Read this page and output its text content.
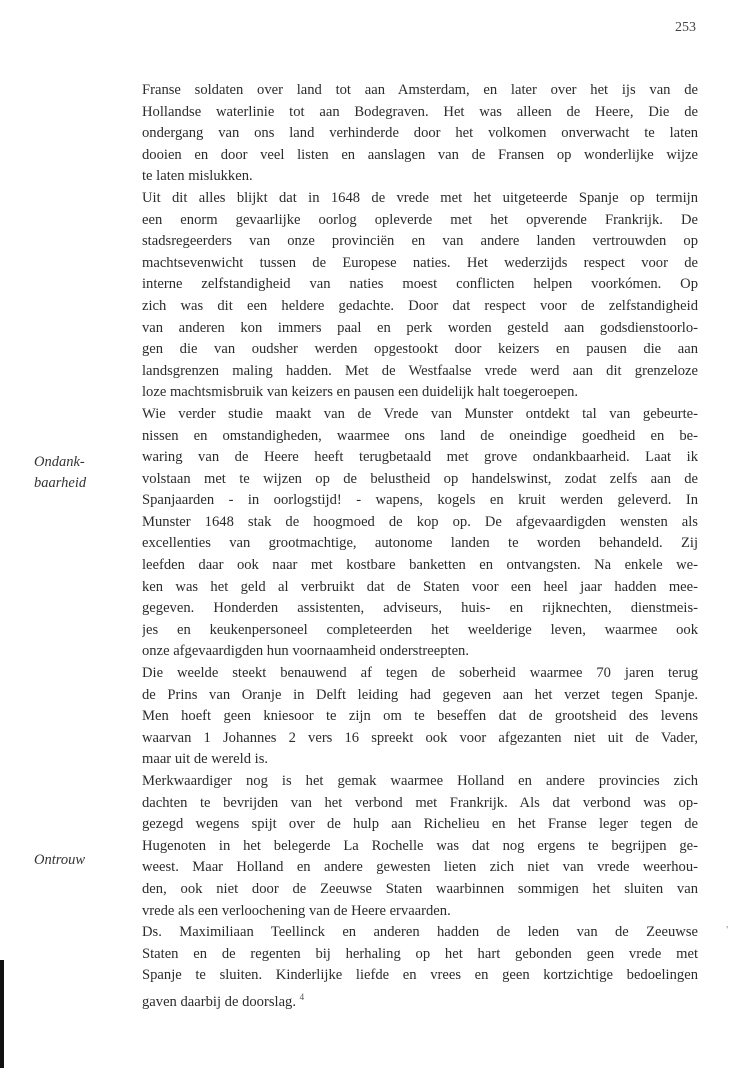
253
Ondank-
baarheid
Ontrouw
Franse soldaten over land tot aan Amsterdam, en later over het ijs van de
Hollandse waterlinie tot aan Bodegraven. Het was alleen de Heere, Die de
ondergang van ons land verhinderde door het volkomen onverwacht te laten
dooien en door veel listen en aanslagen van de Fransen op wonderlijke wijze
te laten mislukken.
Uit dit alles blijkt dat in 1648 de vrede met het uitgeteerde Spanje op termijn
een enorm gevaarlijke oorlog opleverde met het opverende Frankrijk. De
stadsregeerders van onze provinciën en van andere landen vertrouwden op
machtsevenwicht tussen de Europese naties. Het wederzijds respect voor de
interne zelfstandigheid van naties moest conflicten helpen voorkómen. Op
zich was dit een heldere gedachte. Door dat respect voor de zelfstandigheid
van anderen kon immers paal en perk worden gesteld aan godsdienstoorlo-
gen die van oudsher werden opgestookt door keizers en pausen die aan
landsgrenzen maling hadden. Met de Westfaalse vrede werd aan dit grenzeloze
loze machtsmisbruik van keizers en pausen een duidelijk halt toegeroepen.
Wie verder studie maakt van de Vrede van Munster ontdekt tal van gebeurte-
nissen en omstandigheden, waarmee ons land de oneindige goedheid en be-
waring van de Heere heeft terugbetaald met grove ondankbaarheid. Laat ik
volstaan met te wijzen op de belustheid op handelswinst, zodat zelfs aan de
Spanjaarden - in oorlogstijd! - wapens, kogels en kruit werden geleverd. In
Munster 1648 stak de hoogmoed de kop op. De afgevaardigden wensten als
excellenties van grootmachtige, autonome landen te worden behandeld. Zij
leefden daar ook naar met kostbare banketten en ontvangsten. Na enkele we-
ken was het geld al verbruikt dat de Staten voor een heel jaar hadden mee-
gegeven. Honderden assistenten, adviseurs, huis- en rijknechten, dienstmeis-
jes en keukenpersoneel completeerden het weelderige leven, waarmee ook
onze afgevaardigden hun voornaamheid onderstreepten.
Die weelde steekt benauwend af tegen de soberheid waarmee 70 jaren terug
de Prins van Oranje in Delft leiding had gegeven aan het verzet tegen Spanje.
Men hoeft geen kniesoor te zijn om te beseffen dat de grootsheid des levens
waarvan 1 Johannes 2 vers 16 spreekt ook voor afgezanten niet uit de Vader,
maar uit de wereld is.
Merkwaardiger nog is het gemak waarmee Holland en andere provincies zich
dachten te bevrijden van het verbond met Frankrijk. Als dat verbond was op-
gezegd wegens spijt over de hulp aan Richelieu en het Franse leger tegen de
Hugenoten in het belegerde La Rochelle was dat nog ergens te begrijpen ge-
weest. Maar Holland en andere gewesten lieten zich niet van vrede weerhou-
den, ook niet door de Zeeuwse Staten waarbinnen sommigen het sluiten van
vrede als een verloochening van de Heere ervaarden.
Ds. Maximiliaan Teellinck en anderen hadden de leden van de Zeeuwse
Staten en de regenten bij herhaling op het hart gebonden geen vrede met
Spanje te sluiten. Kinderlijke liefde en vrees en geen kortzichtige bedoelingen
gaven daarbij de doorslag. $^4$
'
